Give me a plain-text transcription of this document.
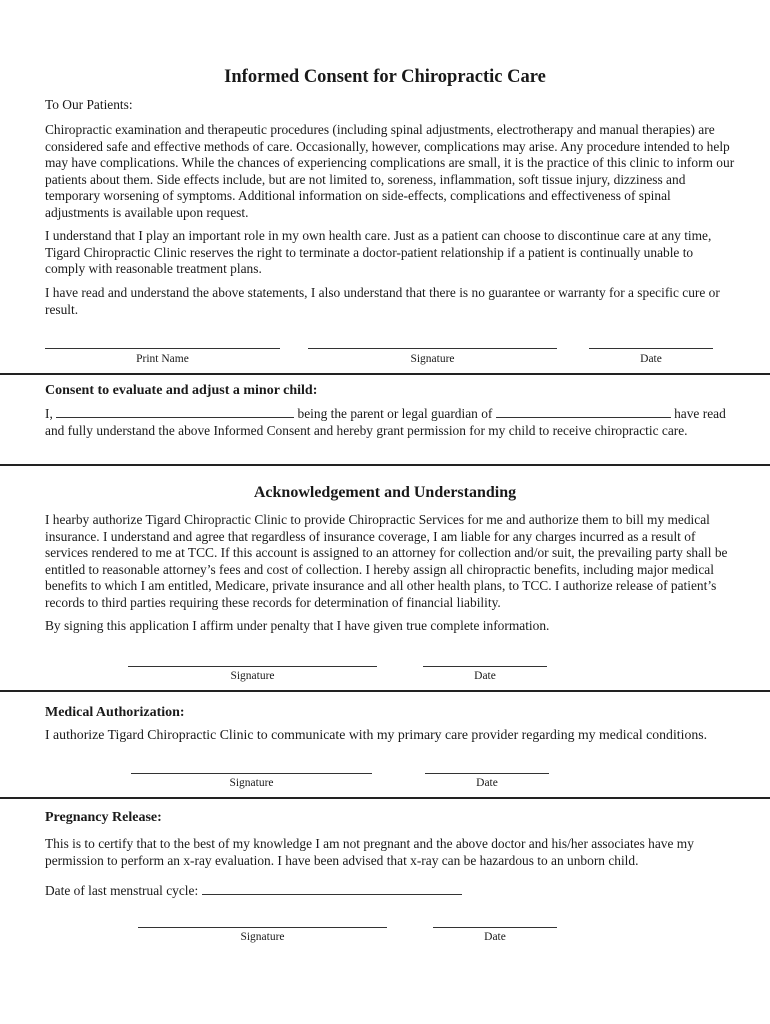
Informed Consent for Chiropractic Care

To Our Patients:

Chiropractic examination and therapeutic procedures (including spinal adjustments, electrotherapy and manual therapies) are considered safe and effective methods of care. Occasionally, however, complications may arise. Any procedure intended to help may have complications. While the chances of experiencing complications are small, it is the practice of this clinic to inform our patients about them. Side effects include, but are not limited to, soreness, inflammation, soft tissue injury, dizziness and temporary worsening of symptoms. Additional information on side-effects, complications and effectiveness of spinal adjustments is available upon request.

I understand that I play an important role in my own health care. Just as a patient can choose to discontinue care at any time, Tigard Chiropractic Clinic reserves the right to terminate a doctor-patient relationship if a patient is continually unable to comply with reasonable treatment plans.

I have read and understand the above statements, I also understand that there is no guarantee or warranty for a specific cure or result.

Print Name	Signature	Date
Consent to evaluate and adjust a minor child:

I,	being the parent or legal guardian of	have read and fully understand the above Informed Consent and hereby grant permission for my child to receive chiropractic care.

Acknowledgement and Understanding

I hearby authorize Tigard Chiropractic Clinic to provide Chiropractic Services for me and authorize them to bill my medical insurance. I understand and agree that regardless of insurance coverage, I am liable for any charges incurred as a result of services rendered to me at TCC. If this account is assigned to an attorney for collection and/or suit, the prevailing party shall be entitled to reasonable attorney’s fees and cost of collection. I hereby assign all chiropractic benefits, including major medical benefits to which I am entitled, Medicare, private insurance and all other health plans, to TCC. I authorize release of patient’s records to third parties requiring these records for determination of financial liability.

By signing this application I affirm under penalty that I have given true complete information.

Signature	Date
Medical Authorization:

I authorize Tigard Chiropractic Clinic to communicate with my primary care provider regarding my medical conditions.

Signature	Date
Pregnancy Release:

This is to certify that to the best of my knowledge I am not pregnant and the above doctor and his/her associates have my permission to perform an x-ray evaluation. I have been advised that x-ray can be hazardous to an unborn child.

Date of last menstrual cycle:

Signature	Date
